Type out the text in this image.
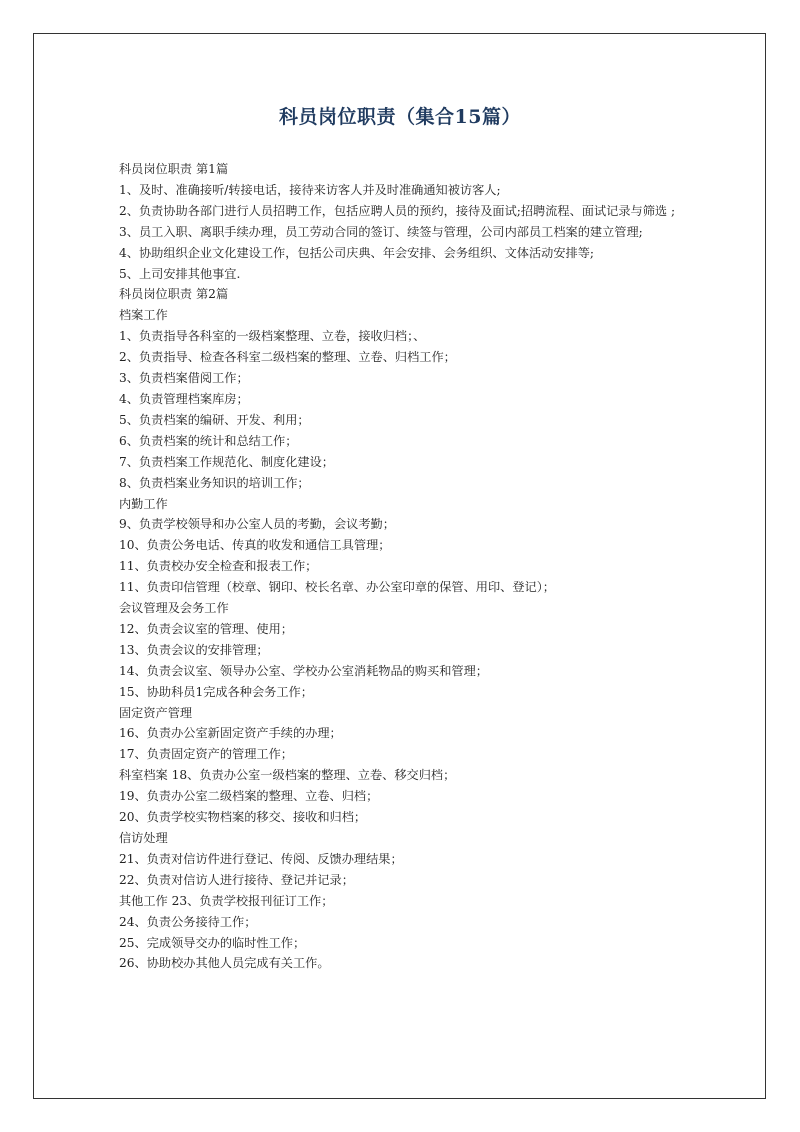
科员岗位职责（集合15篇）
科员岗位职责 第1篇
1、及时、准确接听/转接电话，接待来访客人并及时准确通知被访客人;
2、负责协助各部门进行人员招聘工作，包括应聘人员的预约，接待及面试;招聘流程、面试记录与筛选 ;
3、员工入职、离职手续办理，员工劳动合同的签订、续签与管理，公司内部员工档案的建立管理;
4、协助组织企业文化建设工作，包括公司庆典、年会安排、会务组织、文体活动安排等;
5、上司安排其他事宜.
科员岗位职责 第2篇
档案工作
1、负责指导各科室的一级档案整理、立卷，接收归档；、
2、负责指导、检查各科室二级档案的整理、立卷、归档工作；
3、负责档案借阅工作；
4、负责管理档案库房；
5、负责档案的编研、开发、利用；
6、负责档案的统计和总结工作；
7、负责档案工作规范化、制度化建设；
8、负责档案业务知识的培训工作；
内勤工作
9、负责学校领导和办公室人员的考勤，会议考勤；
10、负责公务电话、传真的收发和通信工具管理；
11、负责校办安全检查和报表工作；
11、负责印信管理（校章、钢印、校长名章、办公室印章的保管、用印、登记）；
会议管理及会务工作
12、负责会议室的管理、使用；
13、负责会议的安排管理；
14、负责会议室、领导办公室、学校办公室消耗物品的购买和管理；
15、协助科员1完成各种会务工作；
固定资产管理
16、负责办公室新固定资产手续的办理；
17、负责固定资产的管理工作；
科室档案 18、负责办公室一级档案的整理、立卷、移交归档；
19、负责办公室二级档案的整理、立卷、归档；
20、负责学校实物档案的移交、接收和归档；
信访处理
21、负责对信访件进行登记、传阅、反馈办理结果；
22、负责对信访人进行接待、登记并记录；
其他工作 23、负责学校报刊征订工作；
24、负责公务接待工作；
25、完成领导交办的临时性工作；
26、协助校办其他人员完成有关工作。
